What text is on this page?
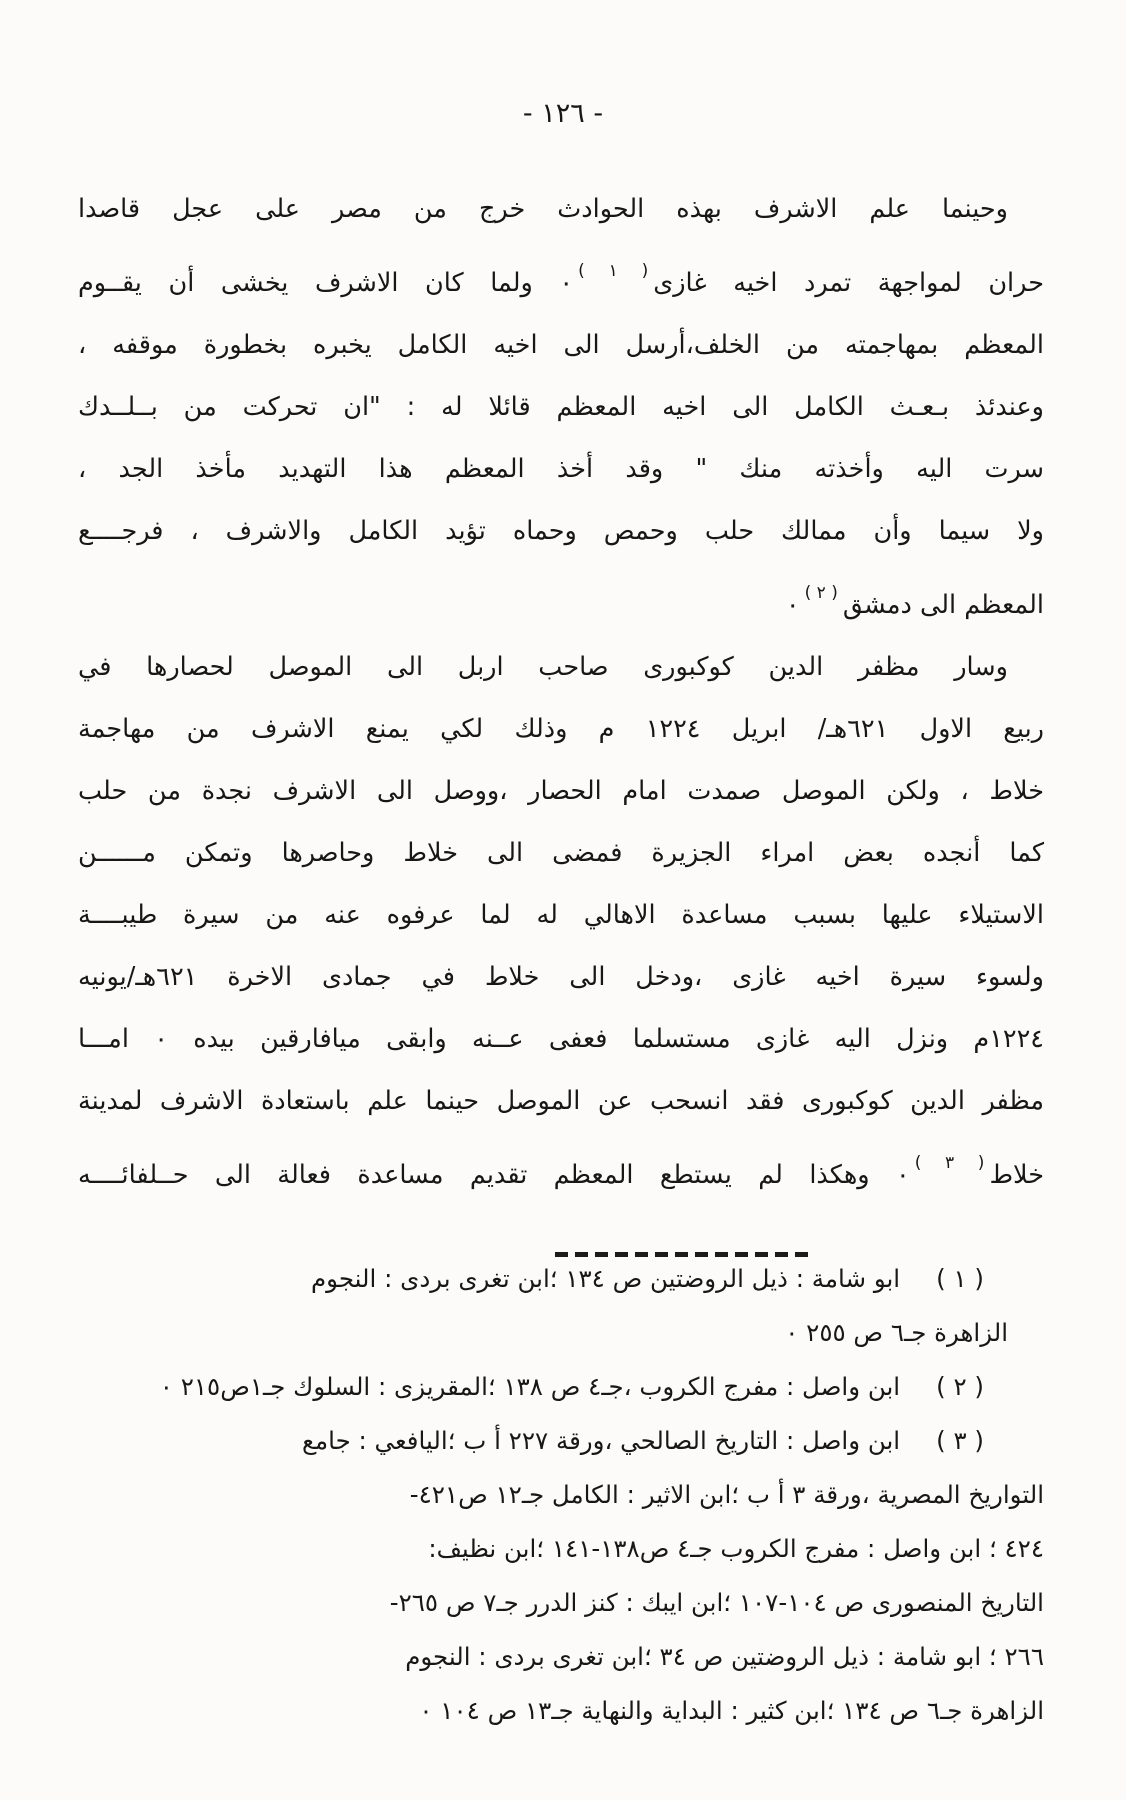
- ١٢٦ -
وحينما علم الاشرف بهذه الحوادث خرج من مصر على عجل قاصدا
حران لمواجهة تمرد اخيه غازى$^{( ١ )}$٠ ولما كان الاشرف يخشى أن يقــوم
المعظم بمهاجمته من الخلف،أرسل الى اخيه الكامل يخبره بخطورة موقفه ،
وعندئذ بـعـث الكامل الى اخيه المعظم قائلا له : "ان تحركت من بــلــدك
سرت اليه وأخذته منك " وقد أخذ المعظم هذا التهديد مأخذ الجد ،
ولا سيما وأن ممالك حلب وحمص وحماه تؤيد الكامل والاشرف ، فرجــــع
المعظم الى دمشق$^{( ٢ )}$٠
وسار مظفر الدين كوكبورى صاحب اربل الى الموصل لحصارها في
ربيع الاول ٦٢١هـ/ ابريل ١٢٢٤ م وذلك لكي يمنع الاشرف من مهاجمة
خلاط ، ولكن الموصل صمدت امام الحصار ،ووصل الى الاشرف نجدة من حلب
كما أنجده بعض امراء الجزيرة فمضى الى خلاط وحاصرها وتمكن مــــــن
الاستيلاء عليها بسبب مساعدة الاهالي له لما عرفوه عنه من سيرة طيبــــة
ولسوء سيرة اخيه غازى ،ودخل الى خلاط في جمادى الاخرة ٦٢١هـ/يونيه
١٢٢٤م ونزل اليه غازى مستسلما فعفى عــنه وابقى ميافارقين بيده ٠ امـــا
مظفر الدين كوكبورى فقد انسحب عن الموصل حينما علم باستعادة الاشرف لمدينة
خلاط$^{( ٣ )}$٠ وهكذا لم يستطع المعظم تقديم مساعدة فعالة الى حــلفائــــه
( ١ )ابو شامة : ذيل الروضتين ص ١٣٤ ؛ابن تغرى بردى : النجوم
الزاهرة جـ٦ ص ٢٥٥ ٠
( ٢ )ابن واصل : مفرج الكروب ،جـ٤ ص ١٣٨ ؛المقريزى : السلوك جـ١ص٢١٥ ٠
( ٣ )ابن واصل : التاريخ الصالحي ،ورقة ٢٢٧ أ ب ؛اليافعي : جامع
التواريخ المصرية ،ورقة ٣ أ ب ؛ابن الاثير : الكامل جـ١٢ ص٤٢١-
٤٢٤ ؛ ابن واصل : مفرج الكروب جـ٤ ص١٣٨-١٤١ ؛ابن نظيف:
التاريخ المنصورى ص ١٠٤-١٠٧ ؛ابن ايبك : كنز الدرر جـ٧ ص ٢٦٥-
٢٦٦ ؛ ابو شامة : ذيل الروضتين ص ٣٤ ؛ابن تغرى بردى : النجوم
الزاهرة جـ٦ ص ١٣٤ ؛ابن كثير : البداية والنهاية جـ١٣ ص ١٠٤ ٠
